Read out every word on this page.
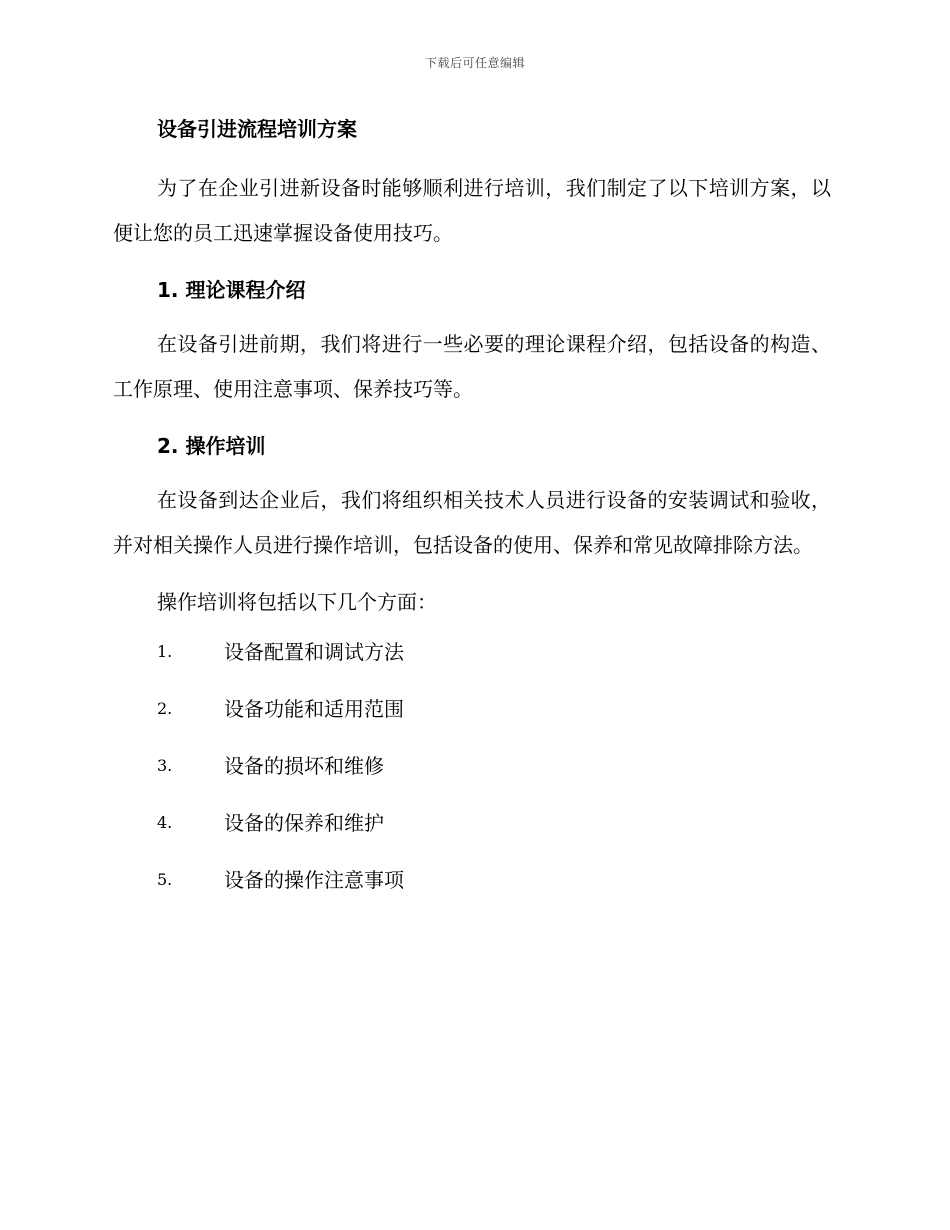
下载后可任意编辑
设备引进流程培训方案

为了在企业引进新设备时能够顺利进行培训，我们制定了以下培训方案，以便让您的员工迅速掌握设备使用技巧。

1. 理论课程介绍

在设备引进前期，我们将进行一些必要的理论课程介绍，包括设备的构造、工作原理、使用注意事项、保养技巧等。

2. 操作培训

在设备到达企业后，我们将组织相关技术人员进行设备的安装调试和验收，并对相关操作人员进行操作培训，包括设备的使用、保养和常见故障排除方法。

操作培训将包括以下几个方面：

1.	设备配置和调试方法
2.	设备功能和适用范围
3.	设备的损坏和维修
4.	设备的保养和维护
5.	设备的操作注意事项
